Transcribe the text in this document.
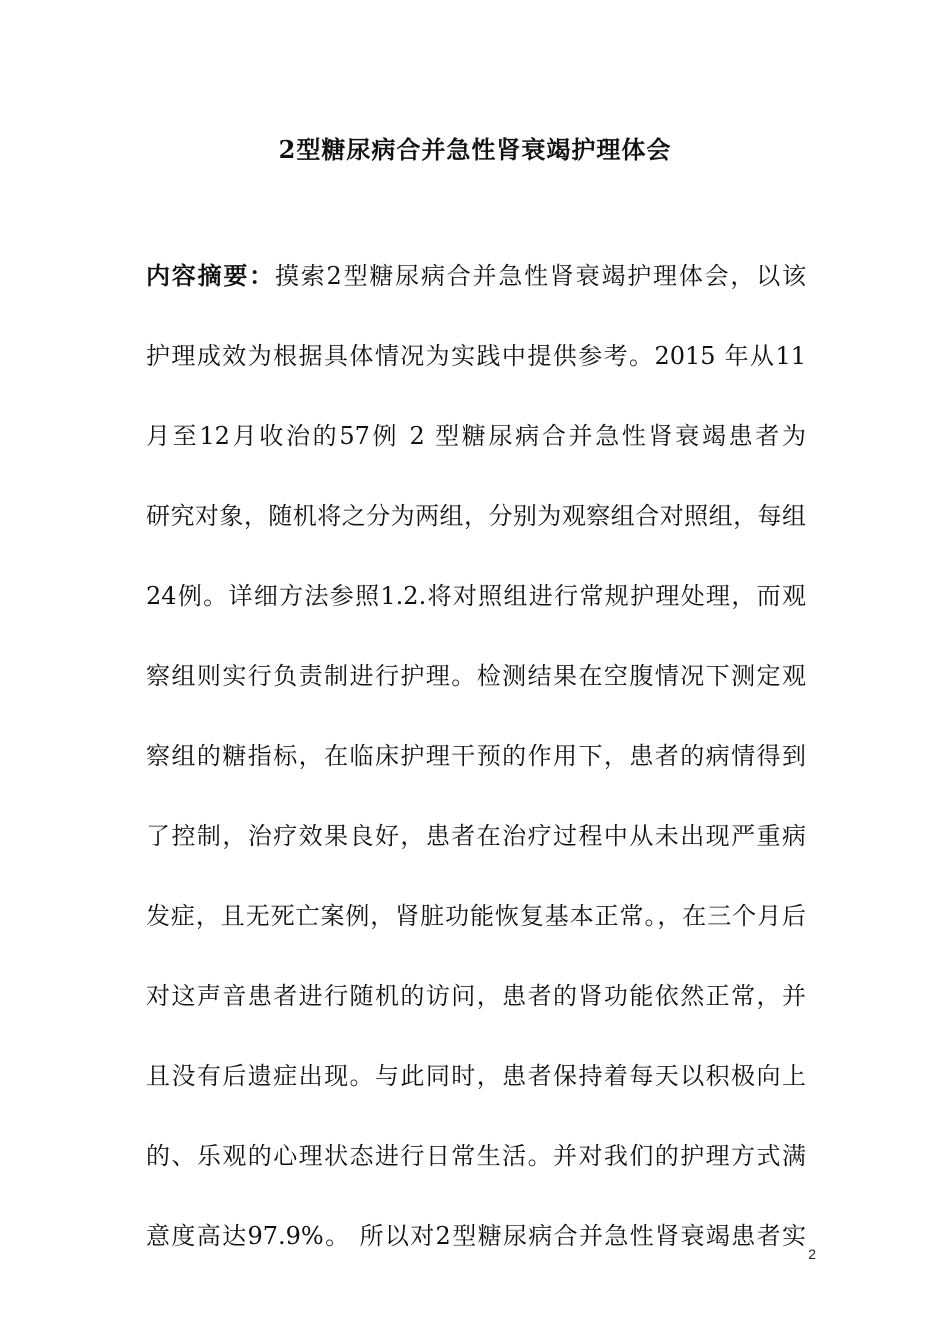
2型糖尿病合并急性肾衰竭护理体会
内容摘要：摸索2型糖尿病合并急性肾衰竭护理体会，以该
护理成效为根据具体情况为实践中提供参考。2015 年从11
月至12月收治的57例 2 型糖尿病合并急性肾衰竭患者为
研究对象，随机将之分为两组，分别为观察组合对照组，每组
24例。详细方法参照1.2.将对照组进行常规护理处理，而观
察组则实行负责制进行护理。检测结果在空腹情况下测定观
察组的糖指标，在临床护理干预的作用下，患者的病情得到
了控制，治疗效果良好，患者在治疗过程中从未出现严重病
发症，且无死亡案例，肾脏功能恢复基本正常。，在三个月后
对这声音患者进行随机的访问，患者的肾功能依然正常，并
且没有后遗症出现。与此同时，患者保持着每天以积极向上
的、乐观的心理状态进行日常生活。并对我们的护理方式满
意度高达97.9%。 所以对2型糖尿病合并急性肾衰竭患者实
2
